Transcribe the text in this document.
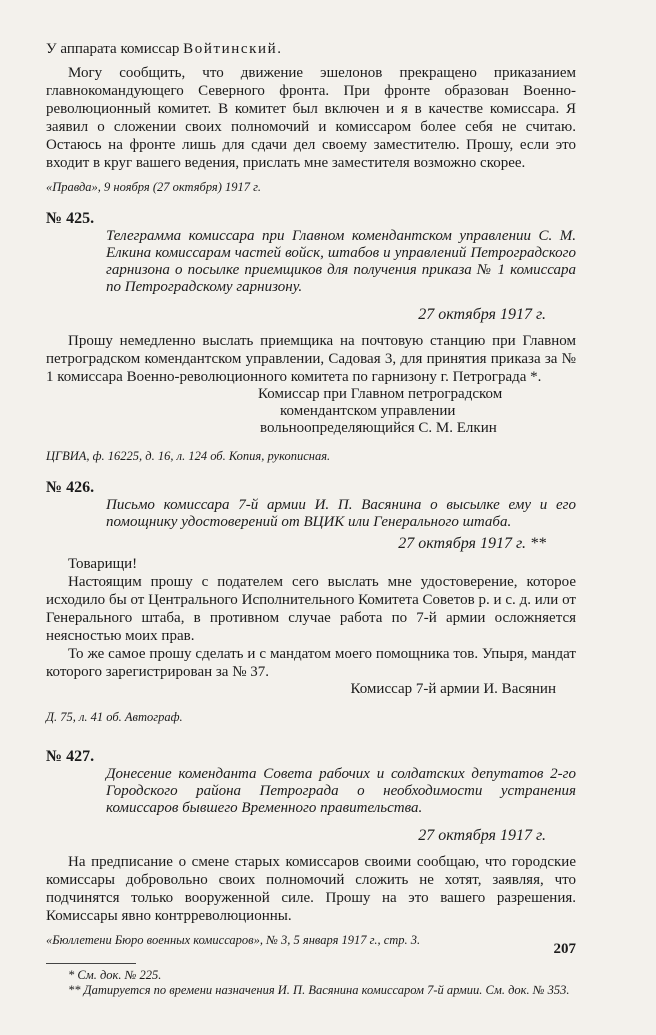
У аппарата комиссар Войтинский.

Могу сообщить, что движение эшелонов прекращено приказанием главнокомандующего Северного фронта. При фронте образован Военно-революционный комитет. В комитет был включен и я в качестве комиссара. Я заявил о сложении своих полномочий и комиссаром более себя не считаю. Остаюсь на фронте лишь для сдачи дел своему заместителю. Прошу, если это входит в круг вашего ведения, прислать мне заместителя возможно скорее.

«Правда», 9 ноября (27 октября) 1917 г.

№ 425.

Телеграмма комиссара при Главном комендантском управлении С. М. Елкина комиссарам частей войск, штабов и управлений Петроградского гарнизона о посылке приемщиков для получения приказа № 1 комиссара по Петроградскому гарнизону.

27 октября 1917 г.

Прошу немедленно выслать приемщика на почтовую станцию при Главном петроградском комендантском управлении, Садовая 3, для принятия приказа за № 1 комиссара Военно-революционного комитета по гарнизону г. Петрограда *.

Комиссар при Главном петроградском

комендантском управлении

вольноопределяющийся С. М. Елкин

ЦГВИА, ф. 16225, д. 16, л. 124 об. Копия, рукописная.

№ 426.

Письмо комиссара 7-й армии И. П. Васянина о высылке ему и его помощнику удостоверений от ВЦИК или Генерального штаба.

27 октября 1917 г. **

Товарищи!

Настоящим прошу с подателем сего выслать мне удостоверение, которое исходило бы от Центрального Исполнительного Комитета Советов р. и с. д. или от Генерального штаба, в противном случае работа по 7-й армии осложняется неясностью моих прав.

То же самое прошу сделать и с мандатом моего помощника тов. Упыря, мандат которого зарегистрирован за № 37.

Комиссар 7-й армии И. Васянин

Д. 75, л. 41 об. Автограф.

№ 427.

Донесение коменданта Совета рабочих и солдатских депутатов 2-го Городского района Петрограда о необходимости устранения комиссаров бывшего Временного правительства.

27 октября 1917 г.

На предписание о смене старых комиссаров своими сообщаю, что городские комиссары добровольно своих полномочий сложить не хотят, заявляя, что подчинятся только вооруженной силе. Прошу на это вашего разрешения. Комиссары явно контрреволюционны.

«Бюллетени Бюро военных комиссаров», № 3, 5 января 1917 г., стр. 3.

* См. док. № 225.

** Датируется по времени назначения И. П. Васянина комиссаром 7-й армии. См. док. № 353.

207
